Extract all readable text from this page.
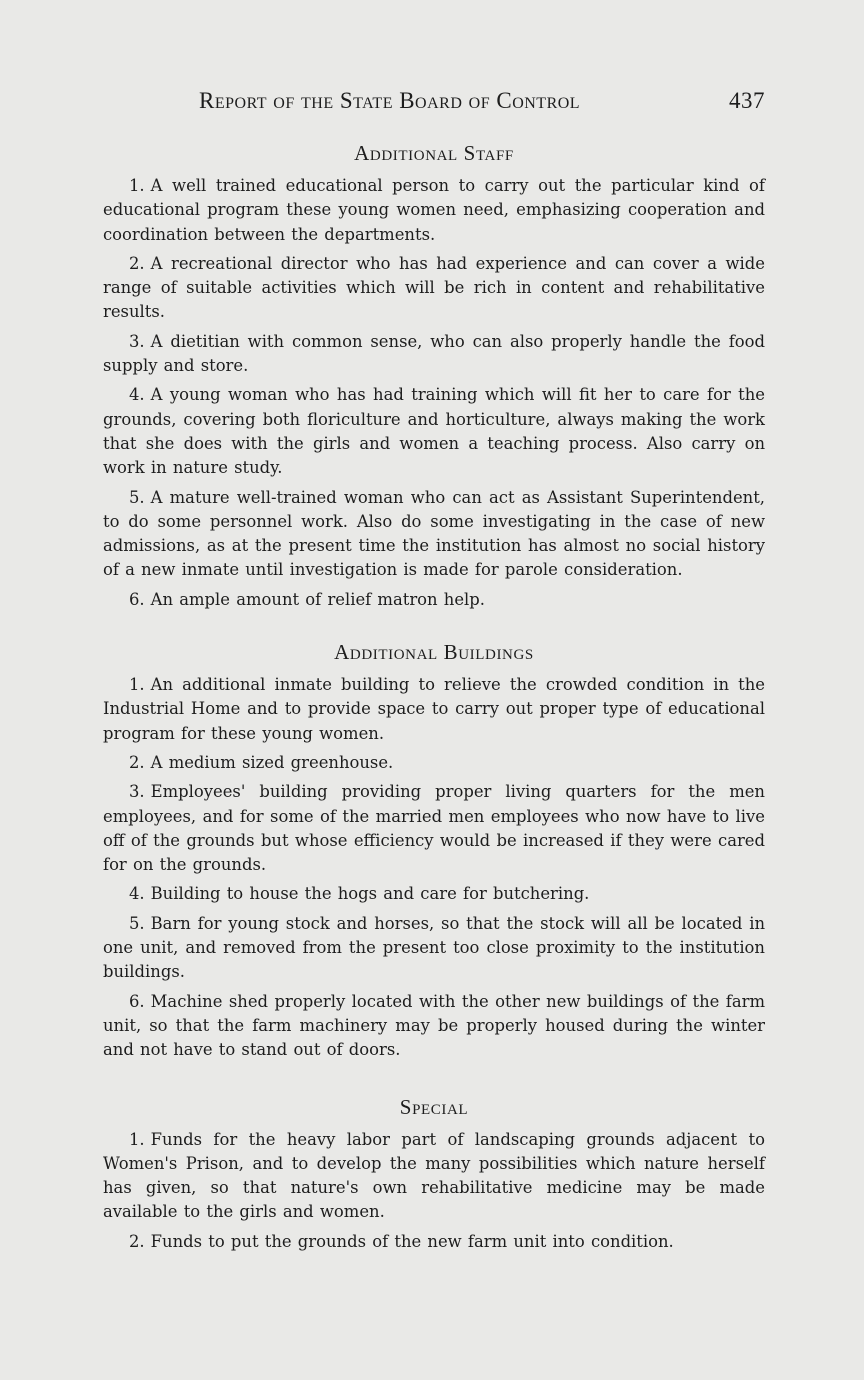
Report of the State Board of Control	437
Additional Staff

1. A well trained educational person to carry out the particular kind of educational program these young women need, emphasizing cooperation and coordination between the departments.

2. A recreational director who has had experience and can cover a wide range of suitable activities which will be rich in content and rehabilitative results.

3. A dietitian with common sense, who can also properly handle the food supply and store.

4. A young woman who has had training which will fit her to care for the grounds, covering both floriculture and horticulture, always making the work that she does with the girls and women a teaching process. Also carry on work in nature study.

5. A mature well-trained woman who can act as Assistant Superintendent, to do some personnel work. Also do some investigating in the case of new admissions, as at the present time the institution has almost no social history of a new inmate until investigation is made for parole consideration.

6. An ample amount of relief matron help.

Additional Buildings

1. An additional inmate building to relieve the crowded condition in the Industrial Home and to provide space to carry out proper type of educational program for these young women.

2. A medium sized greenhouse.

3. Employees' building providing proper living quarters for the men employees, and for some of the married men employees who now have to live off of the grounds but whose efficiency would be increased if they were cared for on the grounds.

4. Building to house the hogs and care for butchering.

5. Barn for young stock and horses, so that the stock will all be located in one unit, and removed from the present too close proximity to the institution buildings.

6. Machine shed properly located with the other new buildings of the farm unit, so that the farm machinery may be properly housed during the winter and not have to stand out of doors.

Special

1. Funds for the heavy labor part of landscaping grounds adjacent to Women's Prison, and to develop the many possibilities which nature herself has given, so that nature's own rehabilitative medicine may be made available to the girls and women.

2. Funds to put the grounds of the new farm unit into condition.
